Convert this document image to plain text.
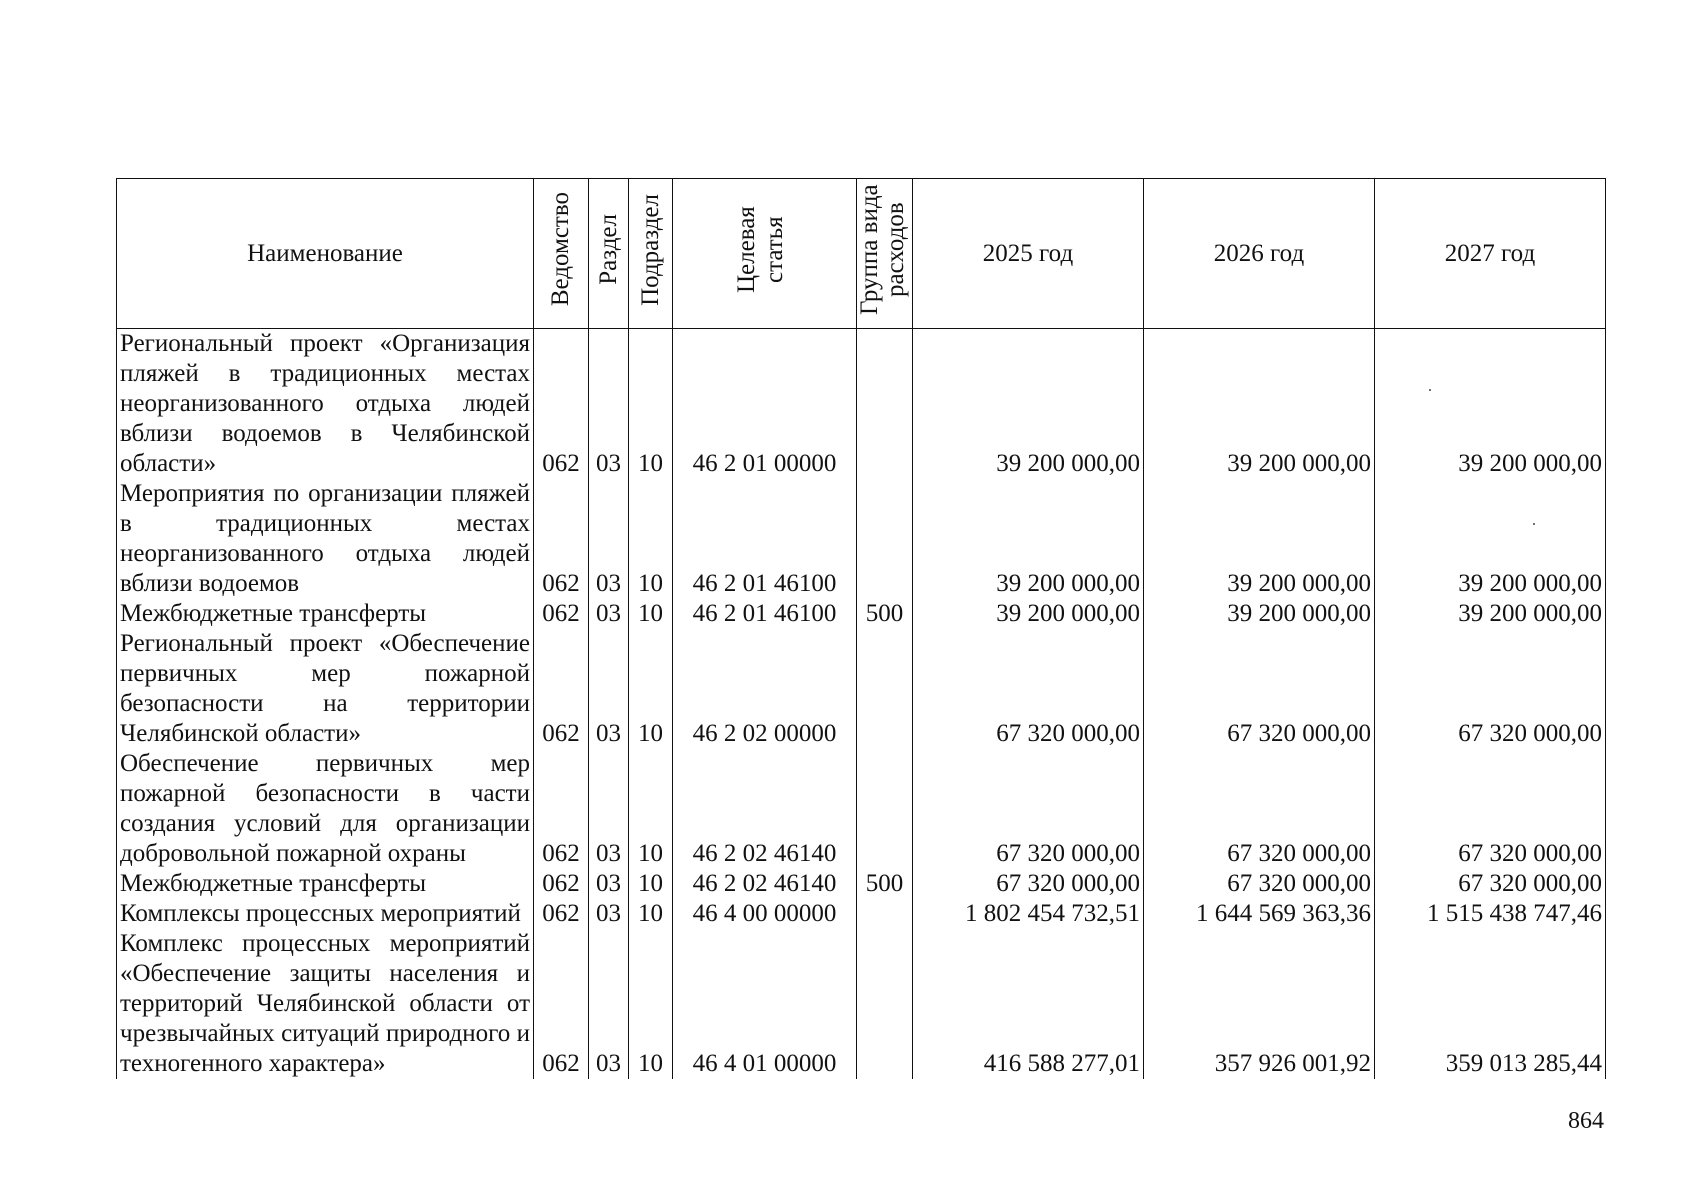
Наименование	Ведомство	Раздел	Подраздел	Целевая статья	Группа вида расходов	2025 год	2026 год	2027 год
Региональный проект «Организация пляжей в традиционных местах неорганизованного отдыха людей вблизи водоемов в Челябинской области»	062	03	10	46 2 01 00000		39 200 000,00	39 200 000,00	39 200 000,00
Мероприятия по организации пляжей в традиционных местах неорганизованного отдыха людей вблизи водоемов	062	03	10	46 2 01 46100		39 200 000,00	39 200 000,00	39 200 000,00
Межбюджетные трансферты	062	03	10	46 2 01 46100	500	39 200 000,00	39 200 000,00	39 200 000,00
Региональный проект «Обеспечение первичных мер пожарной безопасности на территории Челябинской области»	062	03	10	46 2 02 00000		67 320 000,00	67 320 000,00	67 320 000,00
Обеспечение первичных мер пожарной безопасности в части создания условий для организации добровольной пожарной охраны	062	03	10	46 2 02 46140		67 320 000,00	67 320 000,00	67 320 000,00
Межбюджетные трансферты	062	03	10	46 2 02 46140	500	67 320 000,00	67 320 000,00	67 320 000,00
Комплексы процессных мероприятий	062	03	10	46 4 00 00000		1 802 454 732,51	1 644 569 363,36	1 515 438 747,46
Комплекс процессных мероприятий «Обеспечение защиты населения и территорий Челябинской области от чрезвычайных ситуаций природного и техногенного характера»	062	03	10	46 4 01 00000		416 588 277,01	357 926 001,92	359 013 285,44
864
